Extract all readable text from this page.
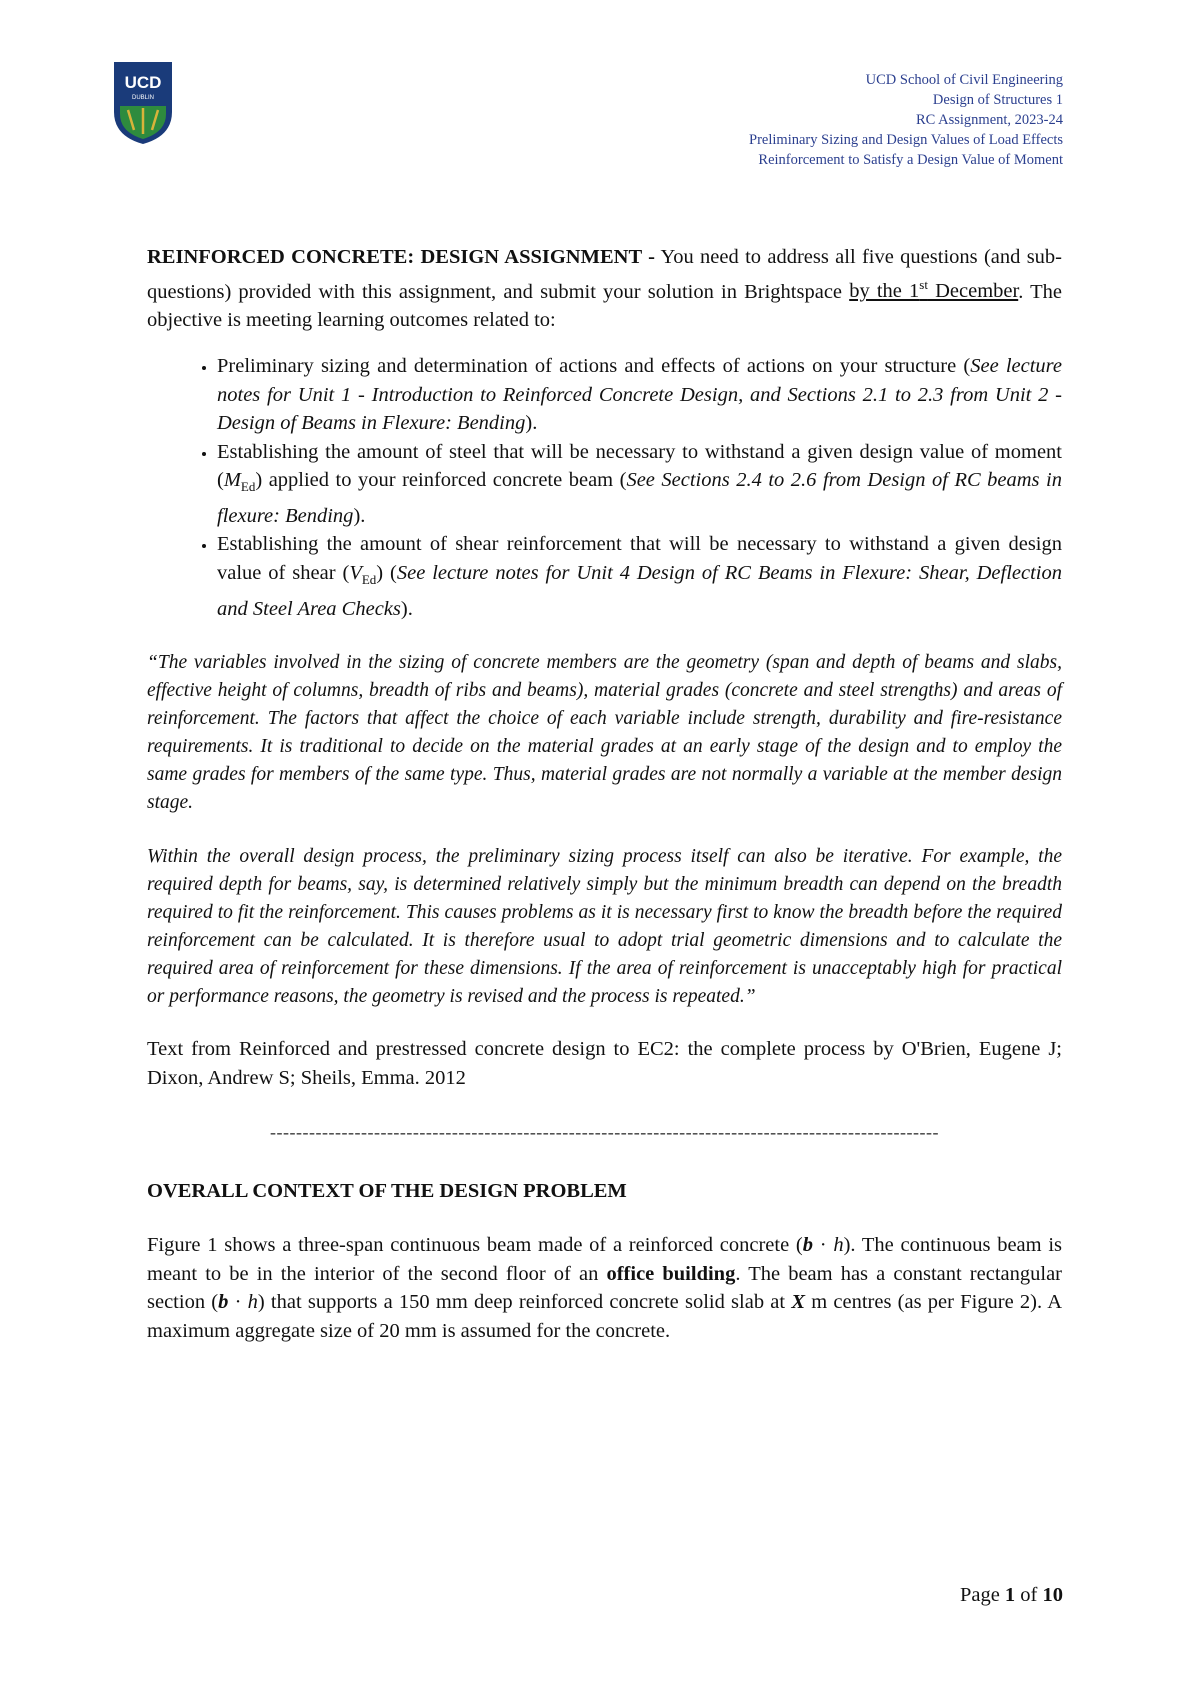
UCD
DUBLIN
UCD School of Civil Engineering
Design of Structures 1
RC Assignment, 2023-24
Preliminary Sizing and Design Values of Load Effects
Reinforcement to Satisfy a Design Value of Moment

REINFORCED CONCRETE: DESIGN ASSIGNMENT - You need to address all five questions (and sub-questions) provided with this assignment, and submit your solution in Brightspace by the 1st December. The objective is meeting learning outcomes related to:

• Preliminary sizing and determination of actions and effects of actions on your structure (See lecture notes for Unit 1 - Introduction to Reinforced Concrete Design, and Sections 2.1 to 2.3 from Unit 2 - Design of Beams in Flexure: Bending).
• Establishing the amount of steel that will be necessary to withstand a given design value of moment $(M_{Ed})$ applied to your reinforced concrete beam (See Sections 2.4 to 2.6 from Design of RC beams in flexure: Bending).
• Establishing the amount of shear reinforcement that will be necessary to withstand a given design value of shear $(V_{Ed})$ (See lecture notes for Unit 4 Design of RC Beams in Flexure: Shear, Deflection and Steel Area Checks).

“The variables involved in the sizing of concrete members are the geometry (span and depth of beams and slabs, effective height of columns, breadth of ribs and beams), material grades (concrete and steel strengths) and areas of reinforcement. The factors that affect the choice of each variable include strength, durability and fire-resistance requirements. It is traditional to decide on the material grades at an early stage of the design and to employ the same grades for members of the same type. Thus, material grades are not normally a variable at the member design stage.

Within the overall design process, the preliminary sizing process itself can also be iterative. For example, the required depth for beams, say, is determined relatively simply but the minimum breadth can depend on the breadth required to fit the reinforcement. This causes problems as it is necessary first to know the breadth before the required reinforcement can be calculated. It is therefore usual to adopt trial geometric dimensions and to calculate the required area of reinforcement for these dimensions. If the area of reinforcement is unacceptably high for practical or performance reasons, the geometry is revised and the process is repeated.”

Text from Reinforced and prestressed concrete design to EC2: the complete process by O'Brien, Eugene J; Dixon, Andrew S; Sheils, Emma. 2012

-------------------------------------------------------------------------------------------------------

OVERALL CONTEXT OF THE DESIGN PROBLEM

Figure 1 shows a three-span continuous beam made of a reinforced concrete (b · h). The continuous beam is meant to be in the interior of the second floor of an office building. The beam has a constant rectangular section (b · h) that supports a 150 mm deep reinforced concrete solid slab at X m centres (as per Figure 2). A maximum aggregate size of 20 mm is assumed for the concrete.

Page 1 of 10
